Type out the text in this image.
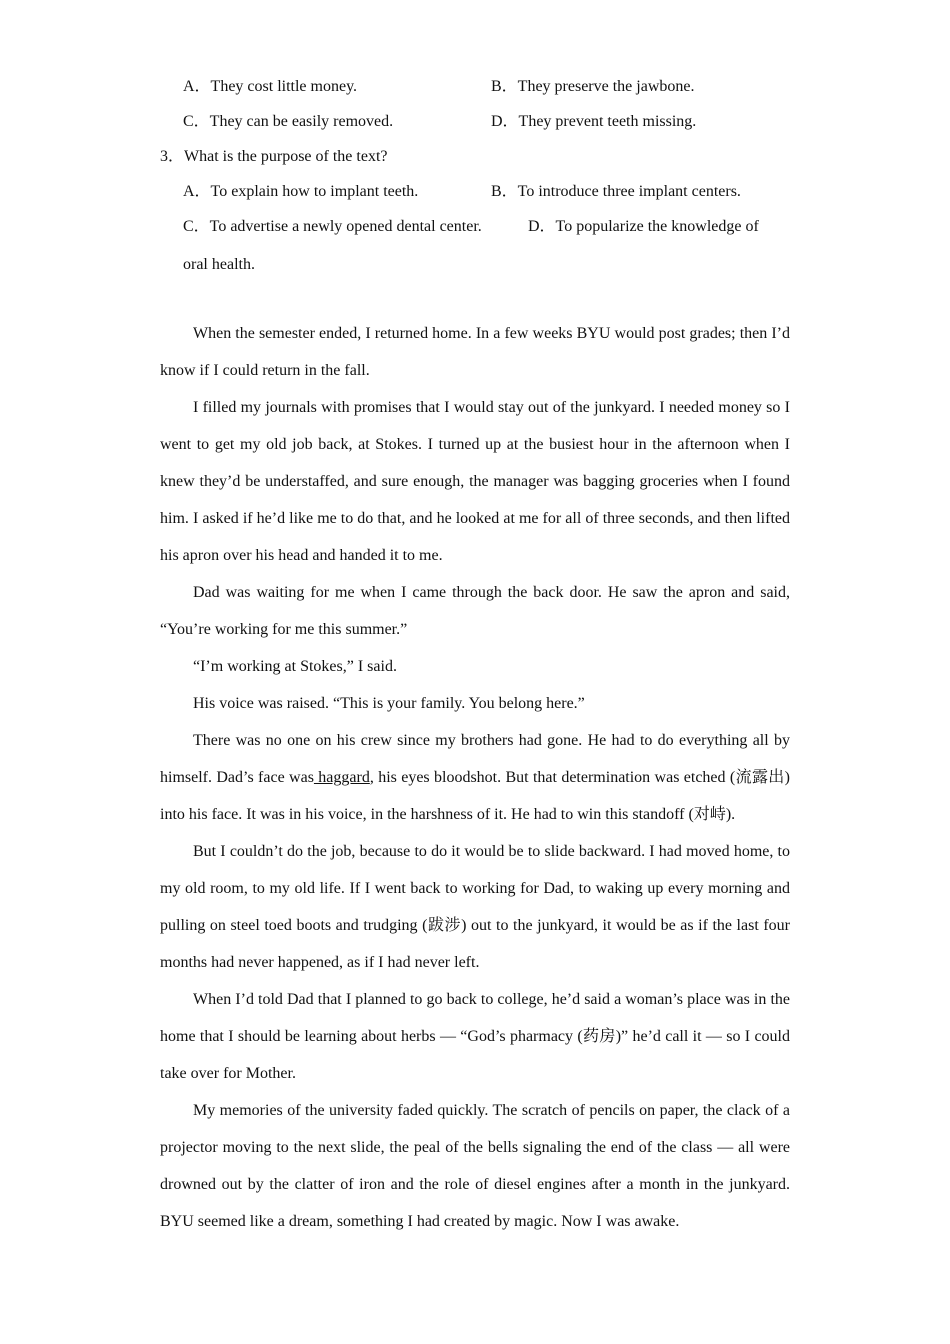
A．They cost little money.	B．They preserve the jawbone.
C．They can be easily removed.	D．They prevent teeth missing.
3．What is the purpose of the text?
A．To explain how to implant teeth.	B．To introduce three implant centers.
C．To advertise a newly opened dental center.	D．To popularize the knowledge of
oral health.

When the semester ended, I returned home. In a few weeks BYU would post grades; then I’d know if I could return in the fall.

I filled my journals with promises that I would stay out of the junkyard. I needed money so I went to get my old job back, at Stokes. I turned up at the busiest hour in the afternoon when I knew they’d be understaffed, and sure enough, the manager was bagging groceries when I found him. I asked if he’d like me to do that, and he looked at me for all of three seconds, and then lifted his apron over his head and handed it to me.

Dad was waiting for me when I came through the back door. He saw the apron and said, “You’re working for me this summer.”

“I’m working at Stokes,” I said.

His voice was raised. “This is your family. You belong here.”

There was no one on his crew since my brothers had gone. He had to do everything all by himself. Dad’s face was haggard, his eyes bloodshot. But that determination was etched (流露出) into his face. It was in his voice, in the harshness of it. He had to win this standoff (对峙).

But I couldn’t do the job, because to do it would be to slide backward. I had moved home, to my old room, to my old life. If I went back to working for Dad, to waking up every morning and pulling on steel toed boots and trudging (跋涉) out to the junkyard, it would be as if the last four months had never happened, as if I had never left.

When I’d told Dad that I planned to go back to college, he’d said a woman’s place was in the home that I should be learning about herbs — “God’s pharmacy (药房)” he’d call it — so I could take over for Mother.

My memories of the university faded quickly. The scratch of pencils on paper, the clack of a projector moving to the next slide, the peal of the bells signaling the end of the class — all were drowned out by the clatter of iron and the role of diesel engines after a month in the junkyard. BYU seemed like a dream, something I had created by magic. Now I was awake.
